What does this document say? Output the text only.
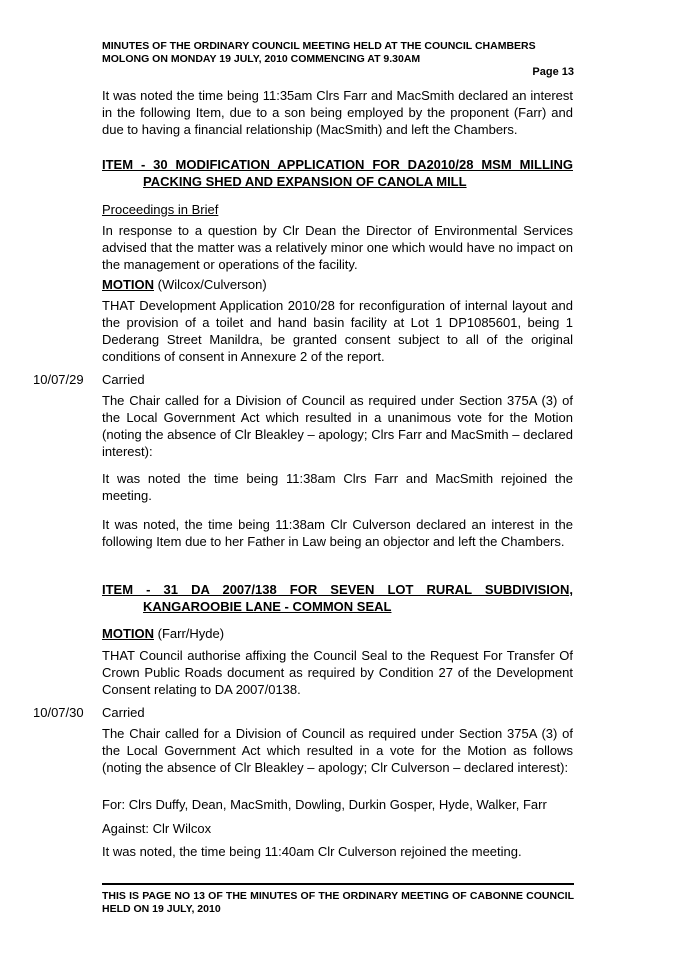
MINUTES OF THE ORDINARY COUNCIL MEETING HELD AT THE COUNCIL CHAMBERS
MOLONG ON MONDAY 19 JULY, 2010 COMMENCING AT 9.30AM
Page 13

It was noted the time being 11:35am Clrs Farr and MacSmith declared an interest in the following Item, due to a son being employed by the proponent (Farr) and due to having a financial relationship (MacSmith) and left the Chambers.

ITEM - 30 MODIFICATION APPLICATION FOR DA2010/28 MSM MILLING
PACKING SHED AND EXPANSION OF CANOLA MILL
Proceedings in Brief

In response to a question by Clr Dean the Director of Environmental Services advised that the matter was a relatively minor one which would have no impact on the management or operations of the facility.

MOTION (Wilcox/Culverson)

THAT Development Application 2010/28 for reconfiguration of internal layout and the provision of a toilet and hand basin facility at Lot 1 DP1085601, being 1 Dederang Street Manildra, be granted consent subject to all of the original conditions of consent in Annexure 2 of the report.

10/07/29 Carried

The Chair called for a Division of Council as required under Section 375A (3) of the Local Government Act which resulted in a unanimous vote for the Motion (noting the absence of Clr Bleakley – apology; Clrs Farr and MacSmith – declared interest):

It was noted the time being 11:38am Clrs Farr and MacSmith rejoined the meeting.

It was noted, the time being 11:38am Clr Culverson declared an interest in the following Item due to her Father in Law being an objector and left the Chambers.

ITEM - 31 DA 2007/138 FOR SEVEN LOT RURAL SUBDIVISION,
KANGAROOBIE LANE - COMMON SEAL
MOTION (Farr/Hyde)

THAT Council authorise affixing the Council Seal to the Request For Transfer Of Crown Public Roads document as required by Condition 27 of the Development Consent relating to DA 2007/0138.

10/07/30 Carried

The Chair called for a Division of Council as required under Section 375A (3) of the Local Government Act which resulted in a vote for the Motion as follows (noting the absence of Clr Bleakley – apology; Clr Culverson – declared interest):

For: Clrs Duffy, Dean, MacSmith, Dowling, Durkin Gosper, Hyde, Walker, Farr

Against: Clr Wilcox

It was noted, the time being 11:40am Clr Culverson rejoined the meeting.

THIS IS PAGE NO 13 OF THE MINUTES OF THE ORDINARY MEETING OF CABONNE COUNCIL HELD ON 19 JULY, 2010
